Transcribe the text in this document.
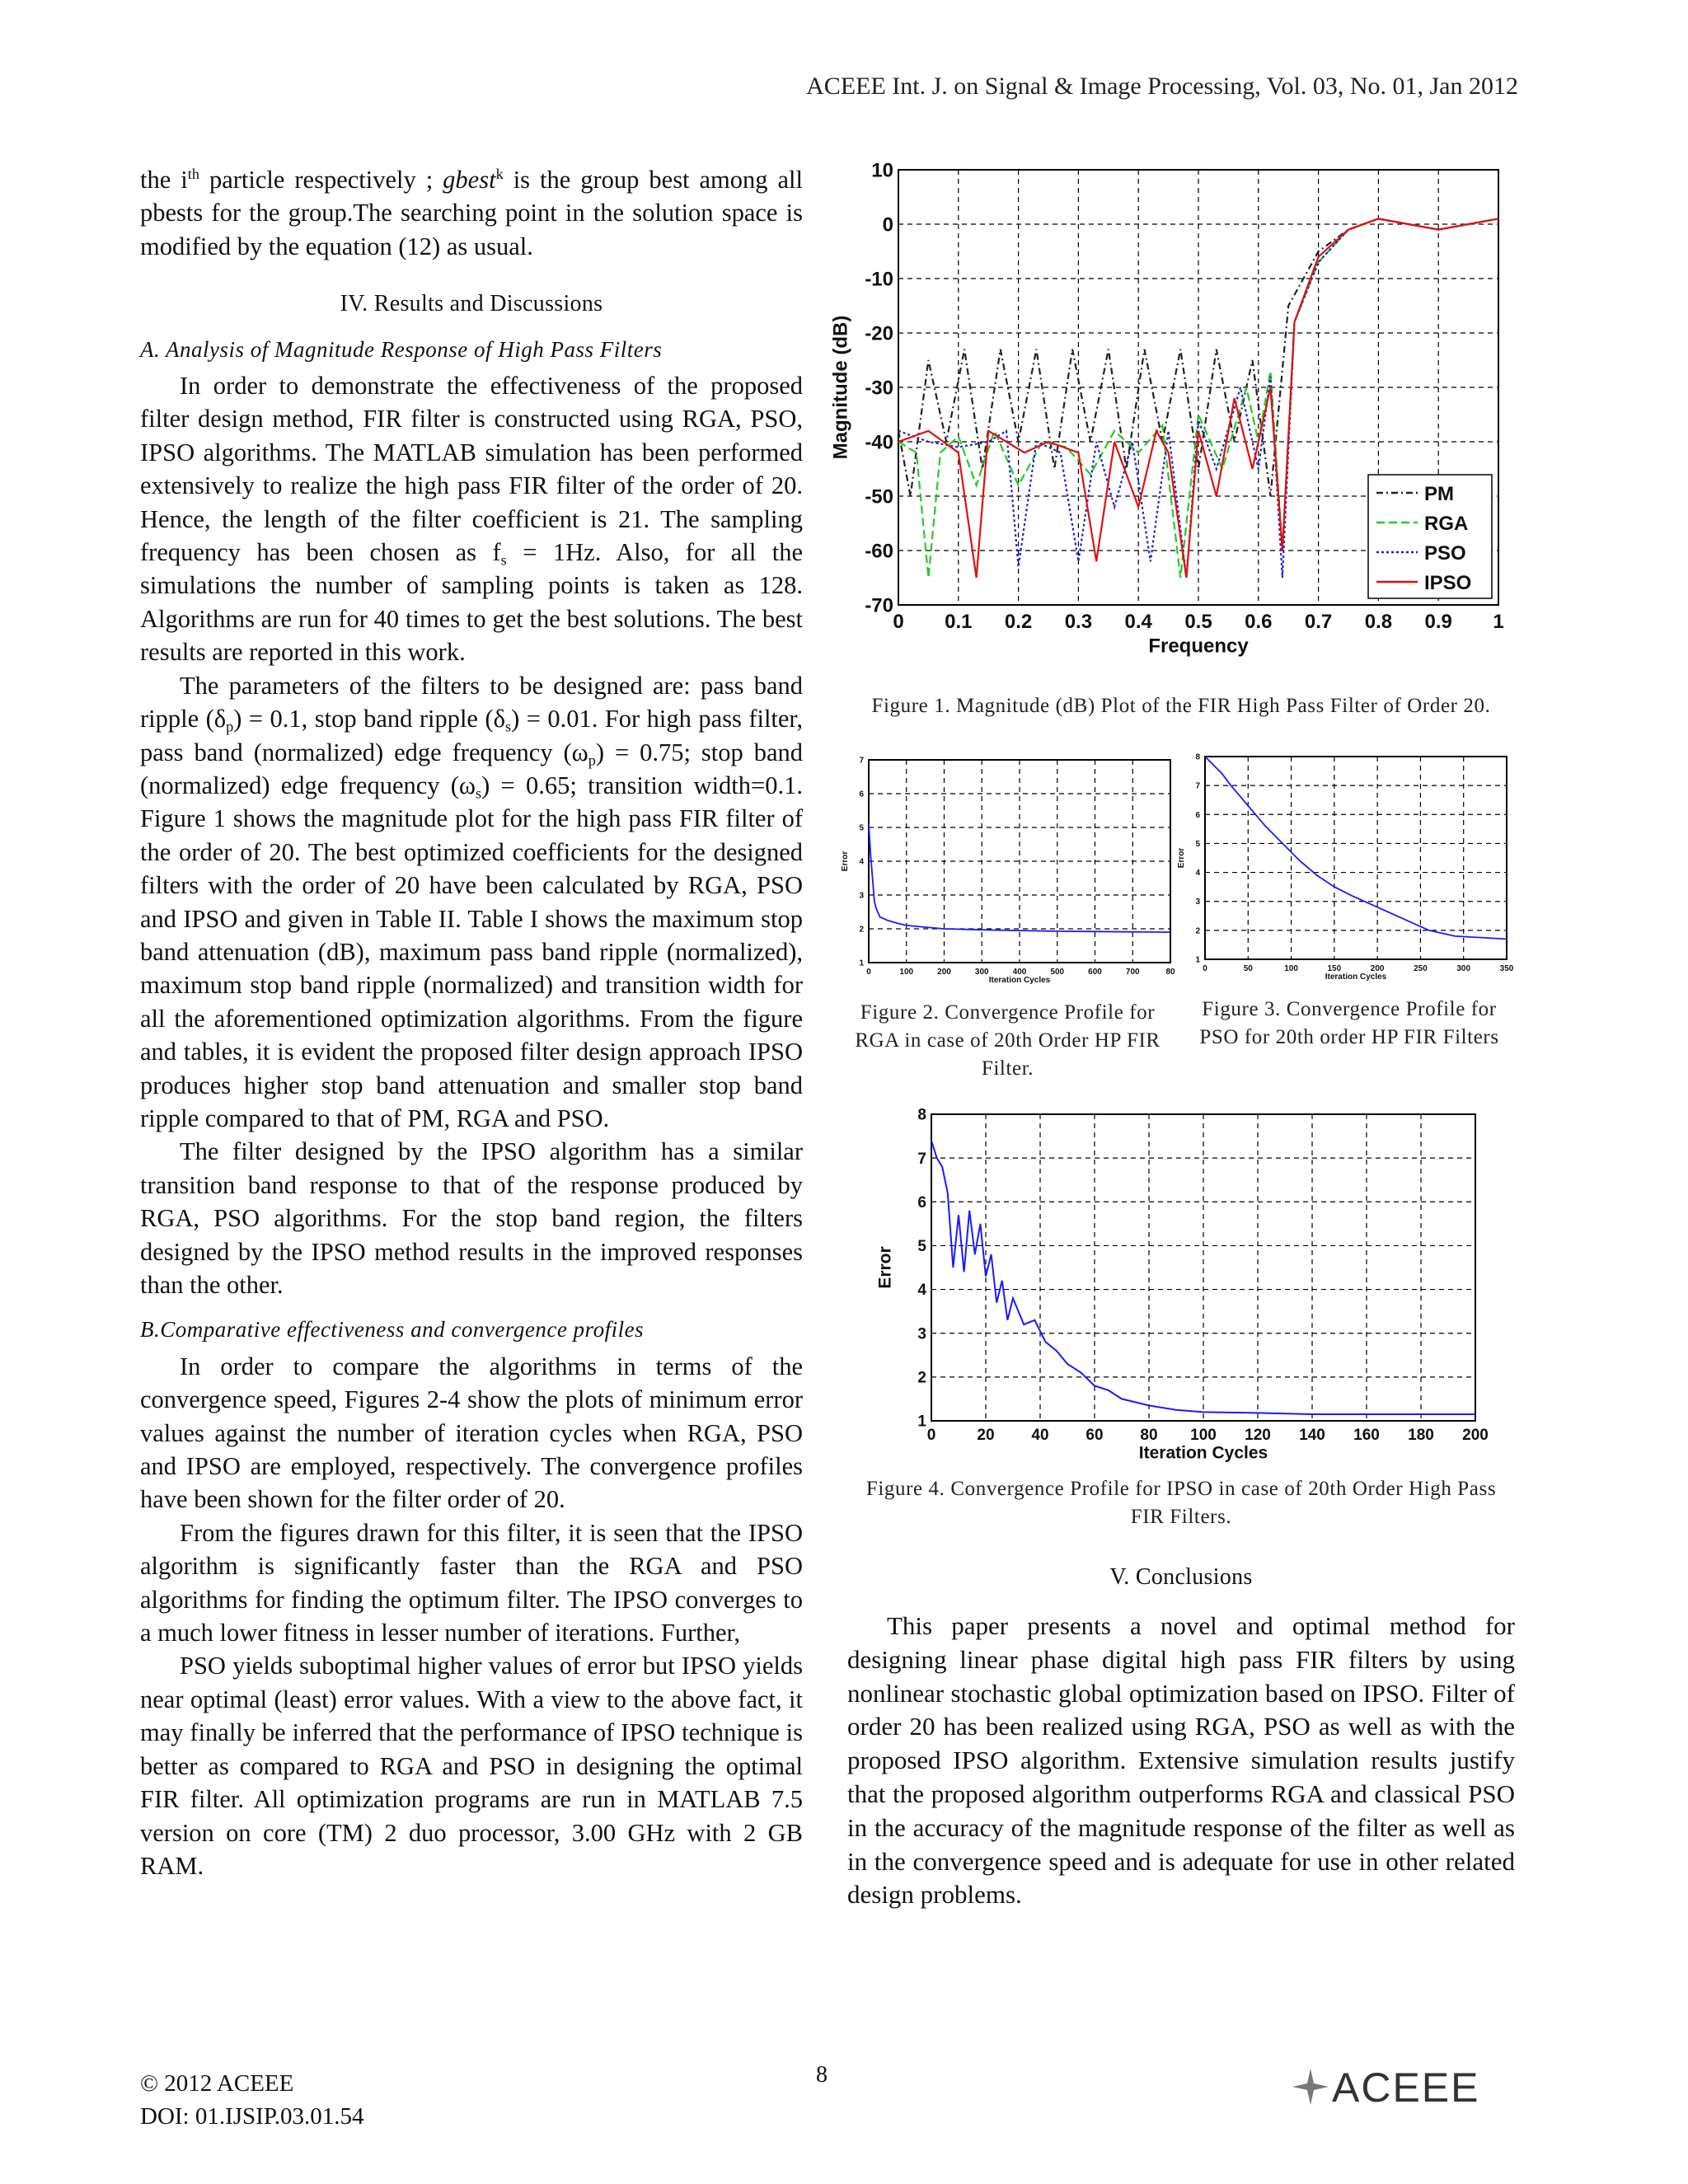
ACEEE Int. J. on Signal & Image Processing, Vol. 03, No. 01, Jan 2012

the $i^{th}$ particle respectively ; gbest$^k$ is the group best among all pbests for the group.The searching point in the solution space is modified by the equation (12) as usual.

IV. Results and Discussions
A. Analysis of Magnitude Response of High Pass Filters

In order to demonstrate the effectiveness of the proposed filter design method, FIR filter is constructed using RGA, PSO, IPSO algorithms. The MATLAB simulation has been performed extensively to realize the high pass FIR filter of the order of 20. Hence, the length of the filter coefficient is 21. The sampling frequency has been chosen as $f_s = 1Hz$. Also, for all the simulations the number of sampling points is taken as 128. Algorithms are run for 40 times to get the best solutions. The best results are reported in this work.

The parameters of the filters to be designed are: pass band ripple $(\delta_p) = 0.1$, stop band ripple $(\delta_s) = 0.01$. For high pass filter, pass band (normalized) edge frequency $(\omega_p) = 0.75$; stop band (normalized) edge frequency $(\omega_s) = 0.65$; transition width=0.1. Figure 1 shows the magnitude plot for the high pass FIR filter of the order of 20. The best optimized coefficients for the designed filters with the order of 20 have been calculated by RGA, PSO and IPSO and given in Table II. Table I shows the maximum stop band attenuation (dB), maximum pass band ripple (normalized), maximum stop band ripple (normalized) and transition width for all the aforementioned optimization algorithms. From the figure and tables, it is evident the proposed filter design approach IPSO produces higher stop band attenuation and smaller stop band ripple compared to that of PM, RGA and PSO.

The filter designed by the IPSO algorithm has a similar transition band response to that of the response produced by RGA, PSO algorithms. For the stop band region, the filters designed by the IPSO method results in the improved responses than the other.

B.Comparative effectiveness and convergence profiles

In order to compare the algorithms in terms of the convergence speed, Figures 2-4 show the plots of minimum error values against the number of iteration cycles when RGA, PSO and IPSO are employed, respectively. The convergence profiles have been shown for the filter order of 20.

From the figures drawn for this filter, it is seen that the IPSO algorithm is significantly faster than the RGA and PSO algorithms for finding the optimum filter. The IPSO converges to a much lower fitness in lesser number of iterations. Further,

PSO yields suboptimal higher values of error but IPSO yields near optimal (least) error values. With a view to the above fact, it may finally be inferred that the performance of IPSO technique is better as compared to RGA and PSO in designing the optimal FIR filter. All optimization programs are run in MATLAB 7.5 version on core (TM) 2 duo processor, 3.00 GHz with 2 GB RAM.

0 0.1 0.2 0.3 0.4 0.5 0.6 0.7 0.8 0.9 1
10
0
-10
-20
-30
-40
-50
-60
-70
Frequency
Magnitude (dB)
PM
RGA
PSO
IPSO
Figure 1. Magnitude (dB) Plot of the FIR High Pass Filter of Order 20.
0	100	200	300	400	500	600	700	80
7
6
5
4
3
2
1
Iteration Cycles
Error
Figure 2. Convergence Profile for RGA in case of 20th Order HP FIR Filter.
0	50	100	150	200	250	300	350
8
7
6
5
4
3
2
1
Iteration Cycles
Error
Figure 3. Convergence Profile for PSO for 20th order HP FIR Filters
0	20 40 60 80 100 120 140 160 180 200
8
7
6
5
4
3
2
1
Iteration Cycles
Error
Figure 4. Convergence Profile for IPSO in case of 20th Order High Pass FIR Filters.
V. Conclusions

This paper presents a novel and optimal method for designing linear phase digital high pass FIR filters by using nonlinear stochastic global optimization based on IPSO. Filter of order 20 has been realized using RGA, PSO as well as with the proposed IPSO algorithm. Extensive simulation results justify that the proposed algorithm outperforms RGA and classical PSO in the accuracy of the magnitude response of the filter as well as in the convergence speed and is adequate for use in other related design problems.

© 2012 ACEEE
DOI: 01.IJSIP.03.01.54
8	ACEEE
